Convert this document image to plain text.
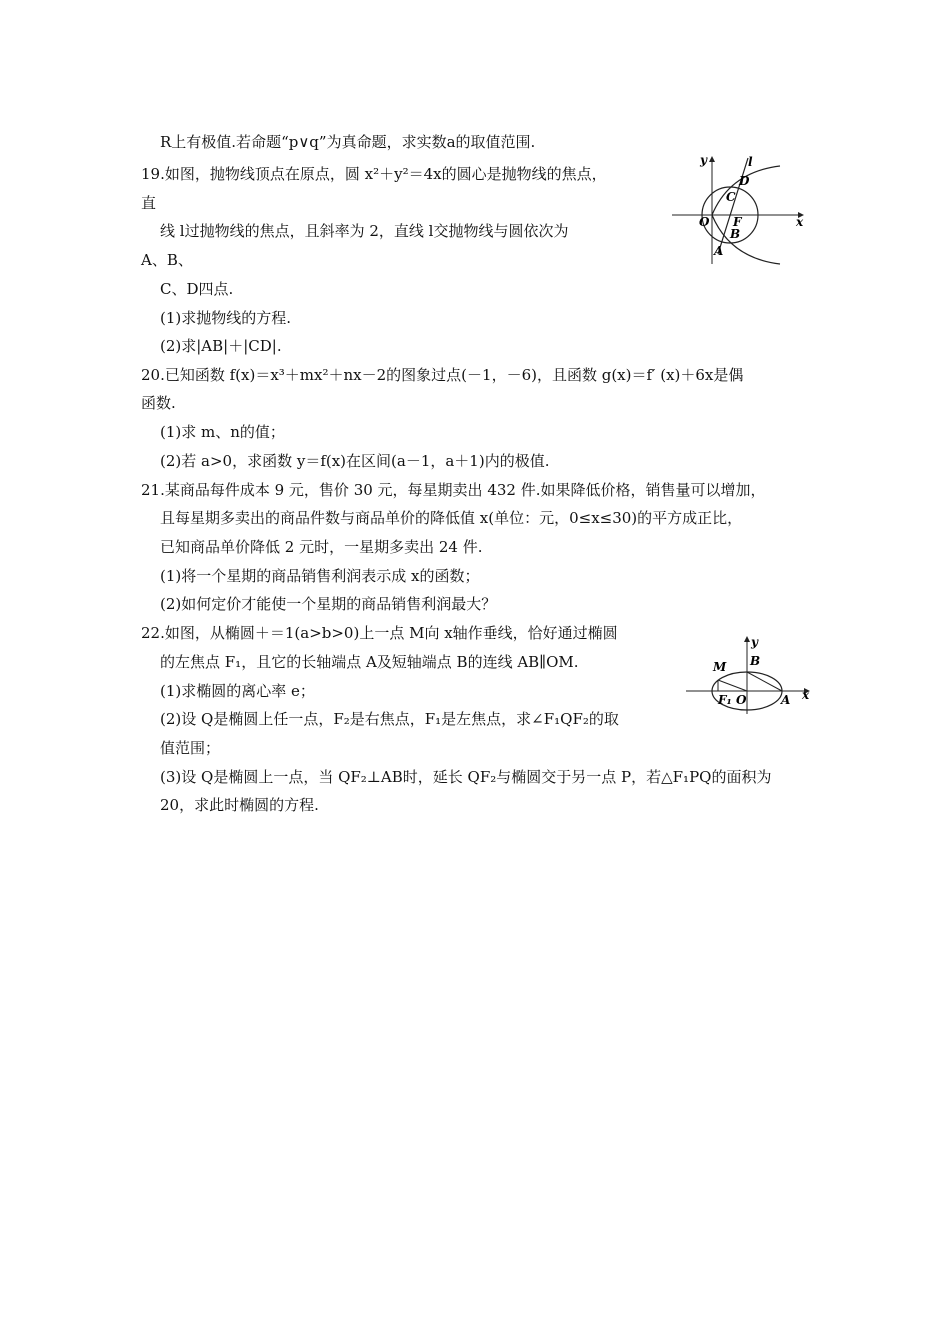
R上有极值.若命题“p∨q”为真命题，求实数a的取值范围.
19.如图，抛物线顶点在原点，圆 x²＋y²＝4x的圆心是抛物线的焦点，
直
线 l过抛物线的焦点，且斜率为 2，直线 l交抛物线与圆依次为
A、B、
C、D四点.
(1)求抛物线的方程.
(2)求|AB|＋|CD|.
y	l
D
C
O F
B
A
x
20.已知函数 f(x)＝x³＋mx²＋nx－2的图象过点(－1，－6)，且函数 g(x)＝f′ (x)＋6x是偶
函数.
(1)求 m、n的值；
(2)若 a>0，求函数 y＝f(x)在区间(a－1，a＋1)内的极值.
21.某商品每件成本 9 元，售价 30 元，每星期卖出 432 件.如果降低价格，销售量可以增加，
且每星期多卖出的商品件数与商品单价的降低值 x(单位：元，0≤x≤30)的平方成正比，
已知商品单价降低 2 元时，一星期多卖出 24 件.
(1)将一个星期的商品销售利润表示成 x的函数；
(2)如何定价才能使一个星期的商品销售利润最大？
22.如图，从椭圆＋＝1(a>b>0)上一点 M向 x轴作垂线，恰好通过椭圆
的左焦点 F₁，且它的长轴端点 A及短轴端点 B的连线 AB∥OM.
(1)求椭圆的离心率 e；
(2)设 Q是椭圆上任一点，F₂是右焦点，F₁是左焦点，求∠F₁QF₂的取
值范围；
(3)设 Q是椭圆上一点，当 QF₂⊥AB时，延长 QF₂与椭圆交于另一点 P，若△F₁PQ的面积为
20，求此时椭圆的方程.
y
M B
F₁ O	A x
